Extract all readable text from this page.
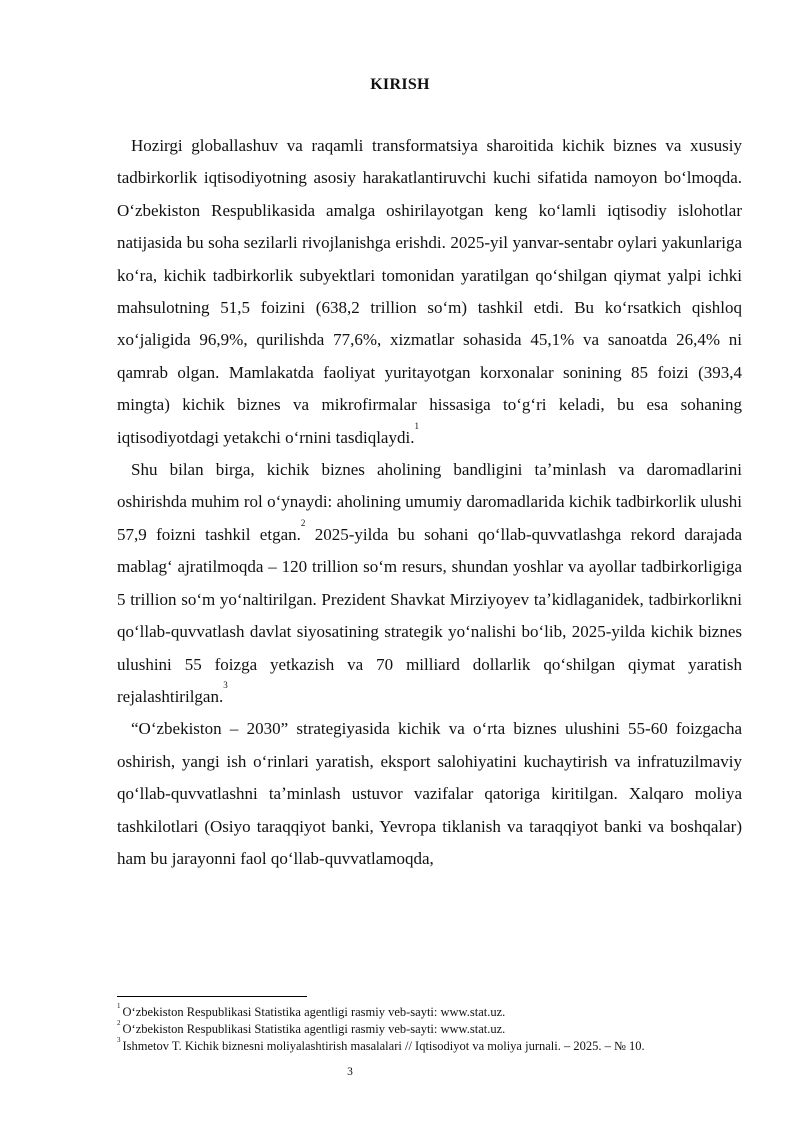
KIRISH

Hozirgi globallashuv va raqamli transformatsiya sharoitida kichik biznes va xususiy tadbirkorlik iqtisodiyotning asosiy harakatlantiruvchi kuchi sifatida namoyon boʻlmoqda. Oʻzbekiston Respublikasida amalga oshirilayotgan keng koʻlamli iqtisodiy islohotlar natijasida bu soha sezilarli rivojlanishga erishdi. 2025-yil yanvar-sentabr oylari yakunlariga koʻra, kichik tadbirkorlik subyektlari tomonidan yaratilgan qoʻshilgan qiymat yalpi ichki mahsulotning 51,5 foizini (638,2 trillion soʻm) tashkil etdi. Bu koʻrsatkich qishloq xoʻjaligida 96,9%, qurilishda 77,6%, xizmatlar sohasida 45,1% va sanoatda 26,4% ni qamrab olgan. Mamlakatda faoliyat yuritayotgan korxonalar sonining 85 foizi (393,4 mingta) kichik biznes va mikrofirmalar hissasiga toʻgʻri keladi, bu esa sohaning iqtisodiyotdagi yetakchi oʻrnini tasdiqlaydi.$^1$

Shu bilan birga, kichik biznes aholining bandligini taʼminlash va daromadlarini oshirishda muhim rol oʻynaydi: aholining umumiy daromadlarida kichik tadbirkorlik ulushi 57,9 foizni tashkil etgan.$^2$ 2025-yilda bu sohani qoʻllab-quvvatlashga rekord darajada mablagʻ ajratilmoqda – 120 trillion soʻm resurs, shundan yoshlar va ayollar tadbirkorligiga 5 trillion soʻm yoʻnaltirilgan. Prezident Shavkat Mirziyoyev taʼkidlaganidek, tadbirkorlikni qoʻllab-quvvatlash davlat siyosatining strategik yoʻnalishi boʻlib, 2025-yilda kichik biznes ulushini 55 foizga yetkazish va 70 milliard dollarlik qoʻshilgan qiymat yaratish rejalashtirilgan.$^3$

“Oʻzbekiston – 2030” strategiyasida kichik va oʻrta biznes ulushini 55-60 foizgacha oshirish, yangi ish oʻrinlari yaratish, eksport salohiyatini kuchaytirish va infratuzilmaviy qoʻllab-quvvatlashni taʼminlash ustuvor vazifalar qatoriga kiritilgan. Xalqaro moliya tashkilotlari (Osiyo taraqqiyot banki, Yevropa tiklanish va taraqqiyot banki va boshqalar) ham bu jarayonni faol qoʻllab-quvvatlamoqda,

$^1$ Oʻzbekiston Respublikasi Statistika agentligi rasmiy veb-sayti: www.stat.uz.

$^2$ Oʻzbekiston Respublikasi Statistika agentligi rasmiy veb-sayti: www.stat.uz.

$^3$ Ishmetov T. Kichik biznesni moliyalashtirish masalalari // Iqtisodiyot va moliya jurnali. – 2025. – № 10.

3
